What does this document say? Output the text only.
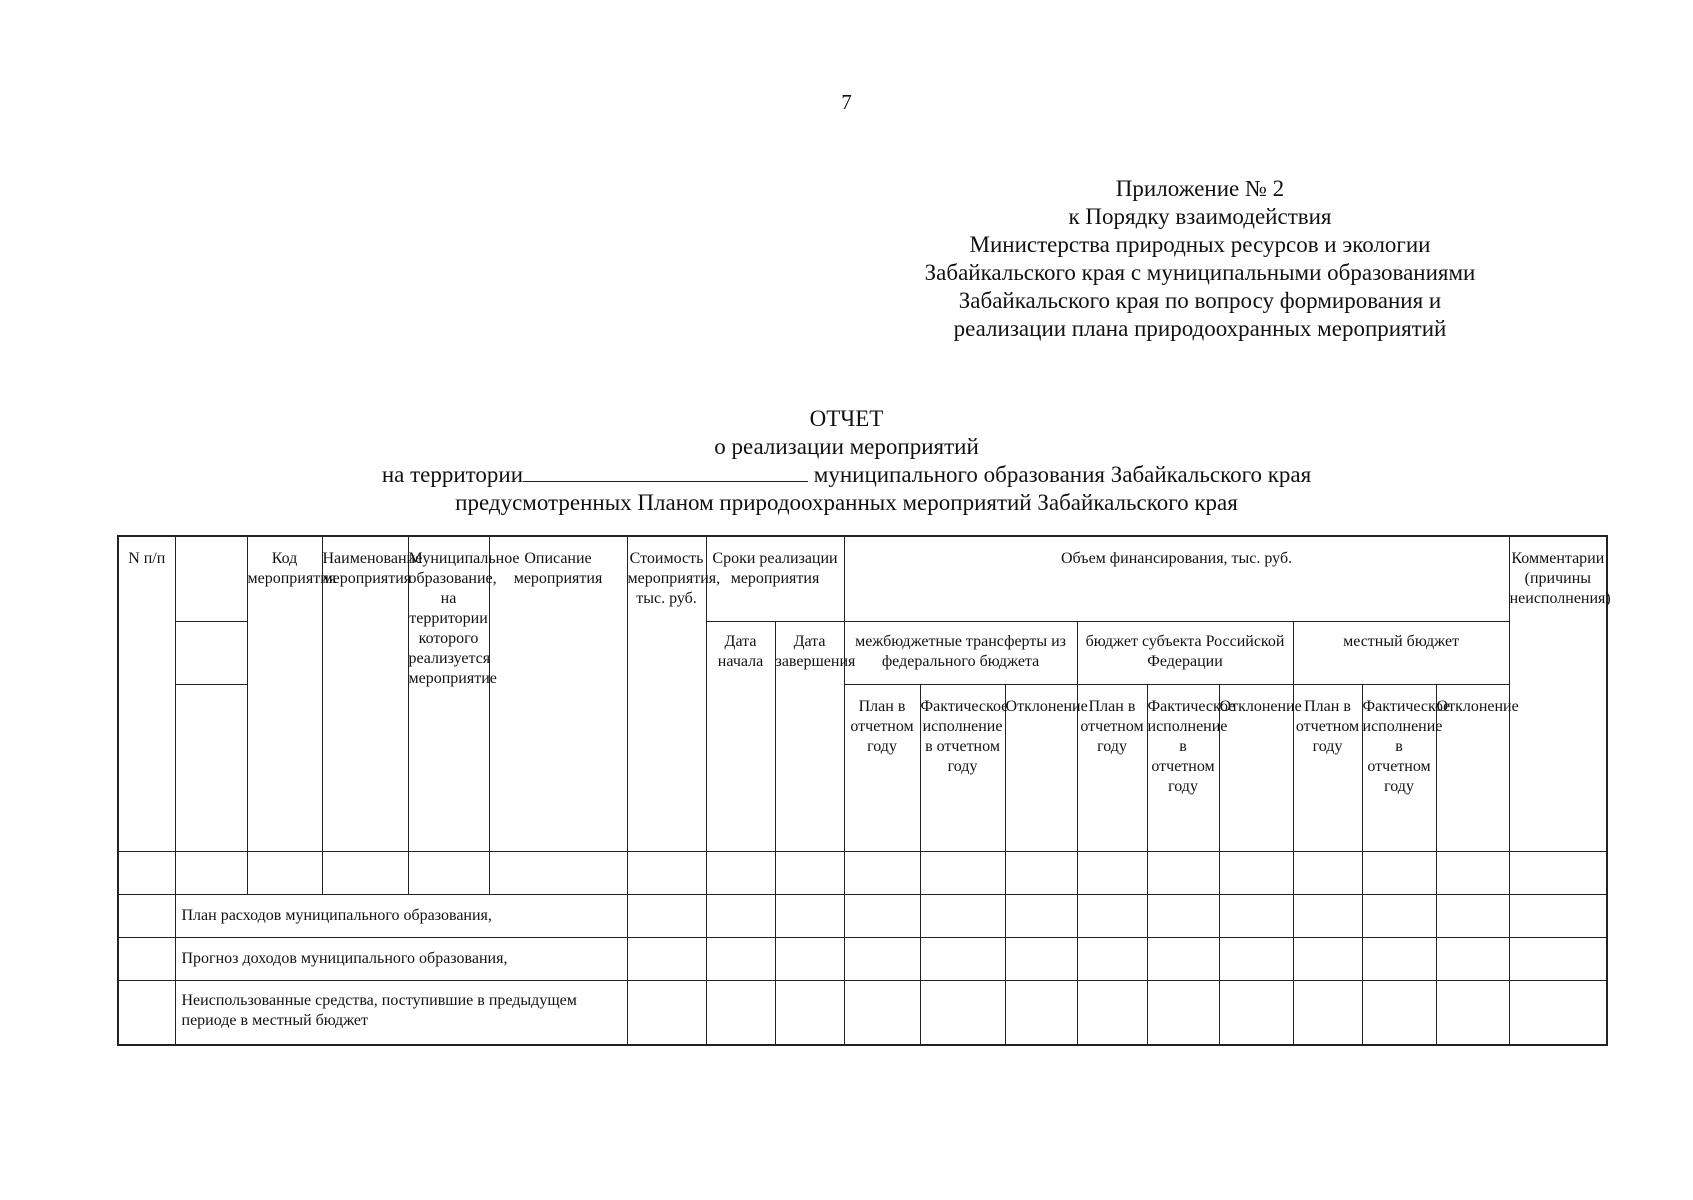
7
Приложение № 2
к Порядку взаимодействия
Министерства природных ресурсов и экологии
Забайкальского края с муниципальными образованиями
Забайкальского края по вопросу формирования и
реализации плана природоохранных мероприятий
ОТЧЕТ
о реализации мероприятий
на территории	муниципального образования Забайкальского края
предусмотренных Планом природоохранных мероприятий Забайкальского края
N п/п		Код мероприятия	Наименование мероприятия	Муниципальное образование, на территории которого реализуется мероприятие	Описание мероприятия	Стоимость мероприятия, тыс. руб.	Сроки реализации мероприятия		Объем финансирования, тыс. руб.									Комментарии (причины неисполнения)
							Дата начала	Дата завершения	межбюджетные трансферты из федерального бюджета			бюджет субъекта Российской Федерации			местный бюджет			
									План в отчетном году	Фактическое исполнение в отчетном году	Отклонение	План в отчетном году	Фактическое исполнение в отчетном году	Отклонение	План в отчетном году	Фактическое исполнение в отчетном году	Отклонение	

	План расходов муниципального образования,																	
	Прогноз доходов муниципального образования,																	
	Неиспользованные средства, поступившие в предыдущем периоде в местный бюджет																	
